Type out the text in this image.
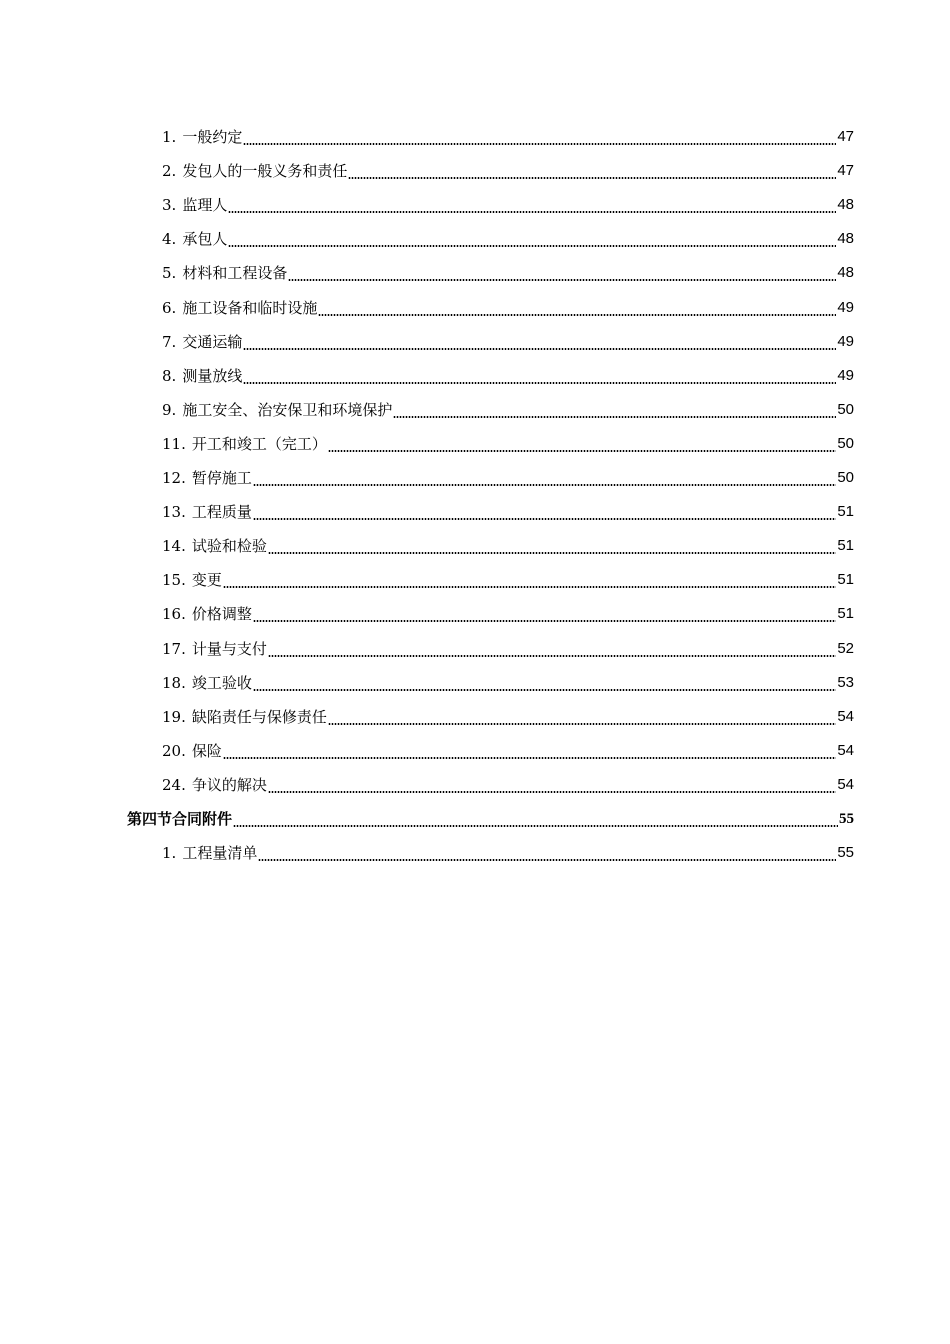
1. 一般约定	47
2. 发包人的一般义务和责任	47
3. 监理人	48
4. 承包人	48
5. 材料和工程设备	48
6. 施工设备和临时设施	49
7. 交通运输	49
8. 测量放线	49
9. 施工安全、治安保卫和环境保护	50
11. 开工和竣工（完工）	50
12. 暂停施工	50
13. 工程质量	51
14. 试验和检验	51
15. 变更	51
16. 价格调整	51
17. 计量与支付	52
18. 竣工验收	53
19. 缺陷责任与保修责任	54
20. 保险	54
24. 争议的解决	54
第四节合同附件	55
1. 工程量清单	55
